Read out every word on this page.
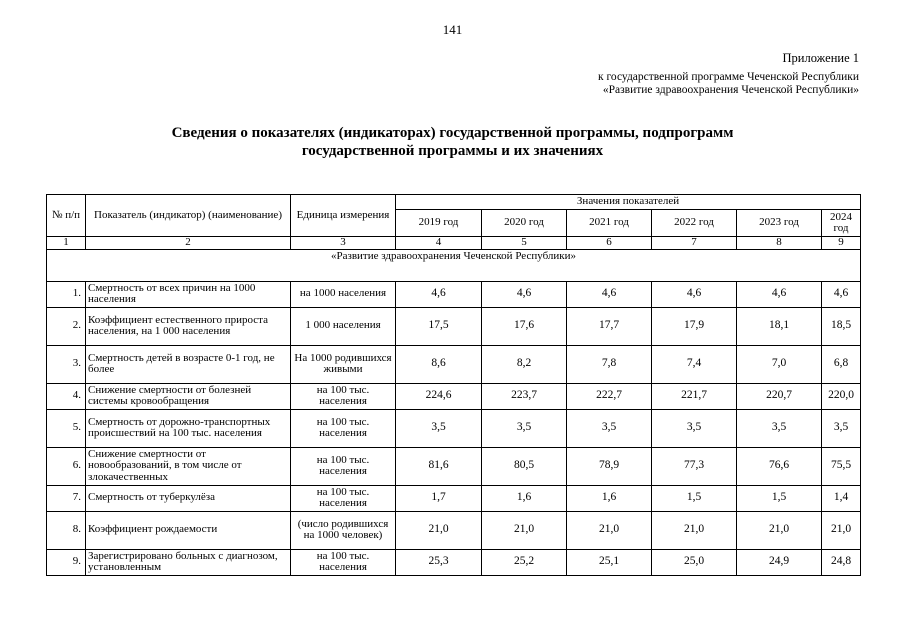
141
Приложение 1
к государственной программе Чеченской Республики
«Развитие здравоохранения Чеченской Республики»
Сведения о показателях (индикаторах) государственной программы, подпрограмм
государственной программы и их значениях
№ п/п	Показатель (индикатор) (наименование)	Единица измерения	Значения показателей					
			2019 год	2020 год	2021 год	2022 год	2023 год	2024 год
1	2	3	4	5	6	7	8	9
«Развитие здравоохранения Чеченской Республики»								
1.	Смертность от всех причин на 1000 населения	на 1000 населения	4,6	4,6	4,6	4,6	4,6	4,6
2.	Коэффициент естественного прироста населения, на 1 000 населения	1 000 населения	17,5	17,6	17,7	17,9	18,1	18,5
3.	Смертность детей в возрасте 0-1 год, не более	На 1000 родившихся живыми	8,6	8,2	7,8	7,4	7,0	6,8
4.	Снижение смертности от болезней системы кровообращения	на 100 тыс. населения	224,6	223,7	222,7	221,7	220,7	220,0
5.	Смертность от дорожно-транспортных происшествий на 100 тыс. населения	на 100 тыс. населения	3,5	3,5	3,5	3,5	3,5	3,5
6.	Снижение смертности от новообразований, в том числе от злокачественных	на 100 тыс. населения	81,6	80,5	78,9	77,3	76,6	75,5
7.	Смертность от туберкулёза	на 100 тыс. населения	1,7	1,6	1,6	1,5	1,5	1,4
8.	Коэффициент рождаемости	(число родившихся на 1000 человек)	21,0	21,0	21,0	21,0	21,0	21,0
9.	Зарегистрировано больных с диагнозом, установленным	на 100 тыс. населения	25,3	25,2	25,1	25,0	24,9	24,8
